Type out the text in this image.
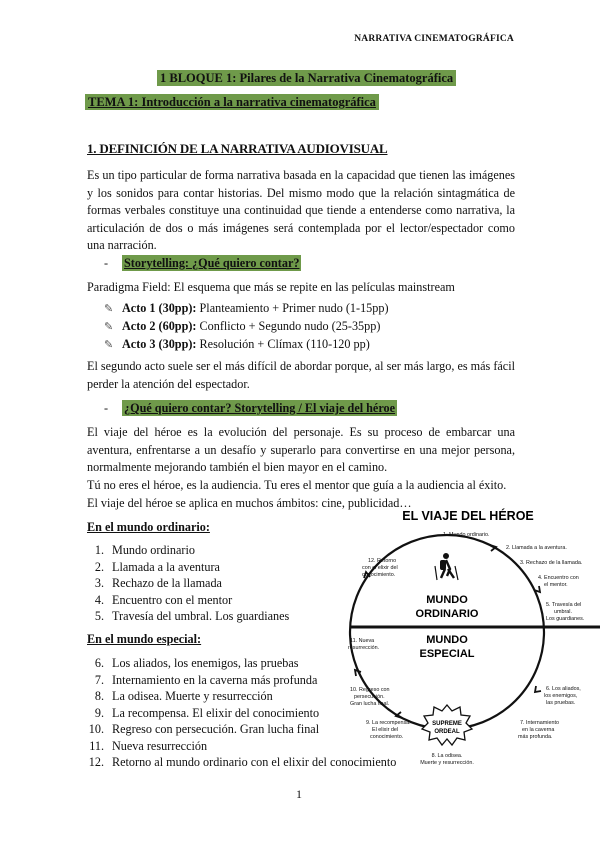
NARRATIVA CINEMATOGRÁFICA
1 BLOQUE 1: Pilares de la Narrativa Cinematográfica
TEMA 1: Introducción a la narrativa cinematográfica
1. DEFINICIÓN DE LA NARRATIVA AUDIOVISUAL
Es un tipo particular de forma narrativa basada en la capacidad que tienen las imágenes y los sonidos para contar historias. Del mismo modo que la relación sintagmática de formas verbales constituye una continuidad que tiende a entenderse como narrativa, la articulación de dos o más imágenes será contemplada por el lector/espectador como una narración.
- Storytelling: ¿Qué quiero contar?
Paradigma Field: El esquema que más se repite en las películas mainstream
✎ Acto 1 (30pp): Planteamiento + Primer nudo (1-15pp)
✎ Acto 2 (60pp): Conflicto + Segundo nudo (25-35pp)
✎ Acto 3 (30pp): Resolución + Clímax (110-120 pp)
El segundo acto suele ser el más difícil de abordar porque, al ser más largo, es más fácil perder la atención del espectador.
- ¿Qué quiero contar? Storytelling / El viaje del héroe
El viaje del héroe es la evolución del personaje. Es su proceso de embarcar una aventura, enfrentarse a un desafío y superarlo para convertirse en una mejor persona, normalmente mejorando también el bien mayor en el camino.
Tú no eres el héroe, es la audiencia. Tu eres el mentor que guía a la audiencia al éxito.
El viaje del héroe se aplica en muchos ámbitos: cine, publicidad…
En el mundo ordinario:
1. Mundo ordinario
2. Llamada a la aventura
3. Rechazo de la llamada
4. Encuentro con el mentor
5. Travesía del umbral. Los guardianes
En el mundo especial:
6. Los aliados, los enemigos, las pruebas
7. Internamiento en la caverna más profunda
8. La odisea. Muerte y resurrección
9. La recompensa. El elixir del conocimiento
10. Regreso con persecución. Gran lucha final
11. Nueva resurrección
12. Retorno al mundo ordinario con el elixir del conocimiento
EL VIAJE DEL HÉROE
MUNDO
ORDINARIO
MUNDO
ESPECIAL
SUPREME
ORDEAL
1. Mundo ordinario.
2. Llamada a la aventura.
3. Rechazo de la llamada.
4. Encuentro con
el mentor.
5. Travesía del
umbral.
Los guardianes.
6. Los aliados,
los enemigos,
las pruebas.
7. Internamiento
en la caverna
más profunda.
8. La odisea.
Muerte y resurrección.
9. La recompensa.
El elixir del
conocimiento.
10. Regreso con
persecución.
Gran lucha final.
11. Nueva
resurrección.
12. Retorno
con el elixir del
conocimiento.
1
